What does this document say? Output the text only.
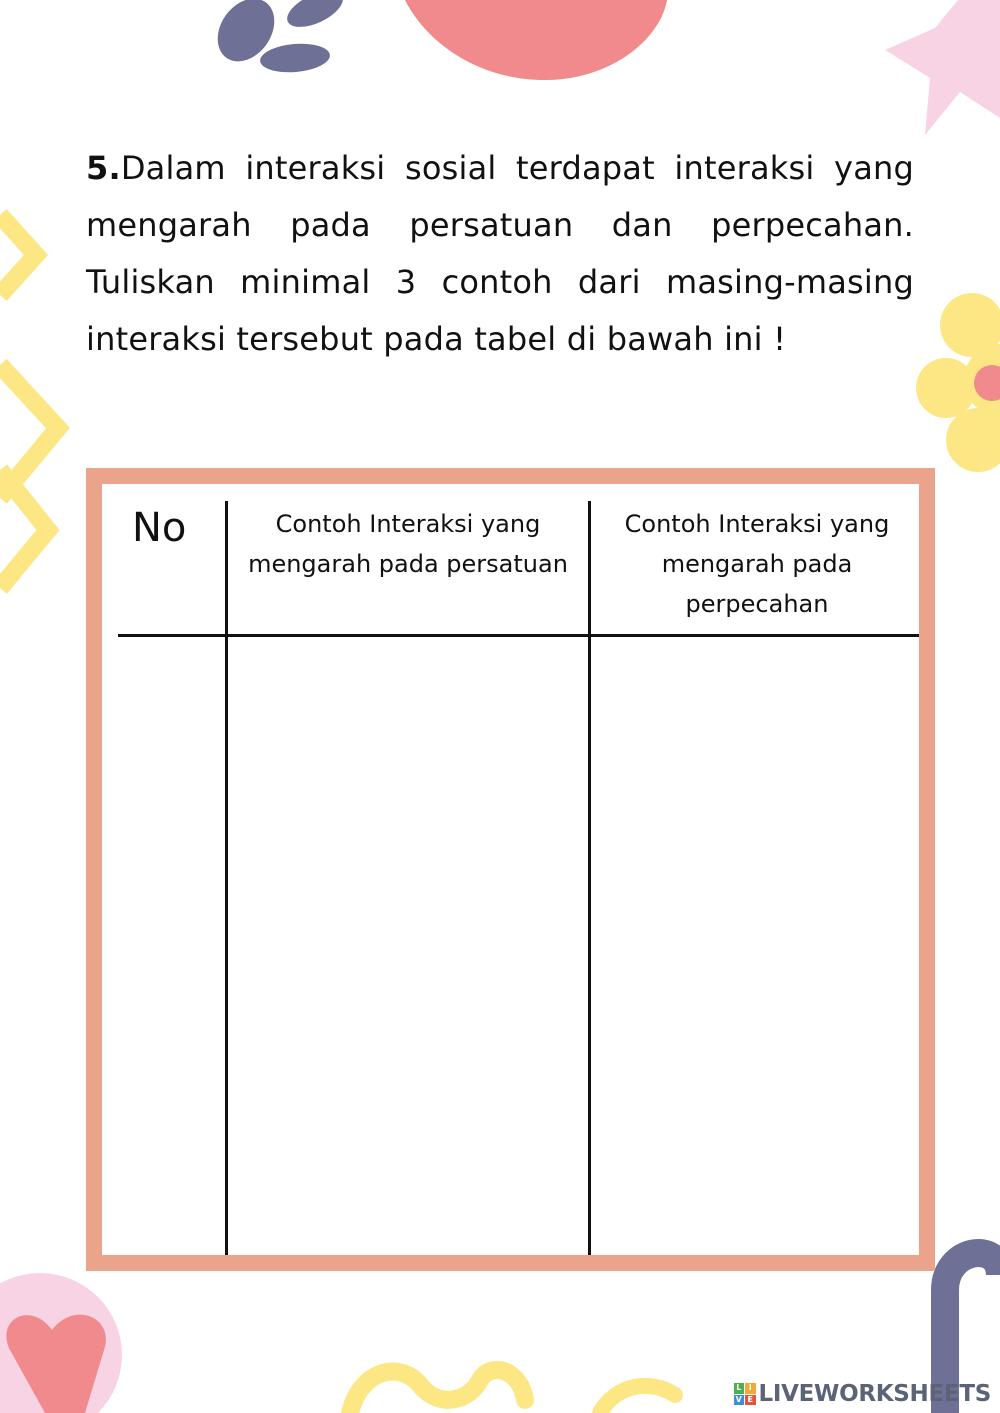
5.Dalam interaksi sosial terdapat interaksi yang mengarah pada persatuan dan perpecahan. Tuliskan minimal 3 contoh dari masing-masing interaksi tersebut pada tabel di bawah ini !

No	Contoh Interaksi yang mengarah pada persatuan
Contoh Interaksi yang mengarah pada perpecahan
L I
V E LIVEWORKSHEETS
